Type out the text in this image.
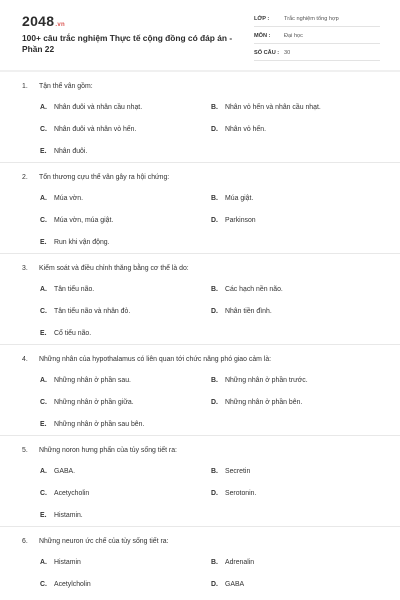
2048.vn
100+ câu trắc nghiệm Thực tế cộng đồng có đáp án - Phần 22
LỚP :	Trắc nghiệm tổng hợp
MÔN : Đại học
SỐ CÂU : 30
1. Tận thể vân gồm:
A. Nhân đuôi và nhân cầu nhạt.	B. Nhân vỏ hến và nhân cầu nhạt.
C. Nhân đuôi và nhân vỏ hến.	D. Nhân vỏ hến.
E. Nhân đuôi.
2. Tổn thương cựu thể vân gây ra hội chứng:
A. Múa vờn.	B. Múa giật.
C. Múa vờn, múa giật.	D. Parkinson
E. Run khi vận động.
3. Kiểm soát và điều chỉnh thăng bằng cơ thể là do:
A. Tân tiểu não.	B. Các hạch nền não.
C. Tân tiểu não và nhân đỏ.	D. Nhân tiền đình.
E. Cổ tiểu não.
4. Những nhân của hypothalamus có liên quan tới chức năng phó giao cảm là:
A. Những nhân ở phần sau.	B. Những nhân ở phần trước.
C. Những nhân ở phần giữa.	D. Những nhân ở phần bên.
E. Những nhân ở phần sau bên.
5. Những noron hưng phấn của tủy sống tiết ra:
A. GABA.	B. Secretin
C. Acetycholin	D. Serotonin.
E. Histamin.
6. Những neuron ức chế của tủy sống tiết ra:
A. Histamin	B. Adrenalin
C. Acetylcholin	D. GABA
